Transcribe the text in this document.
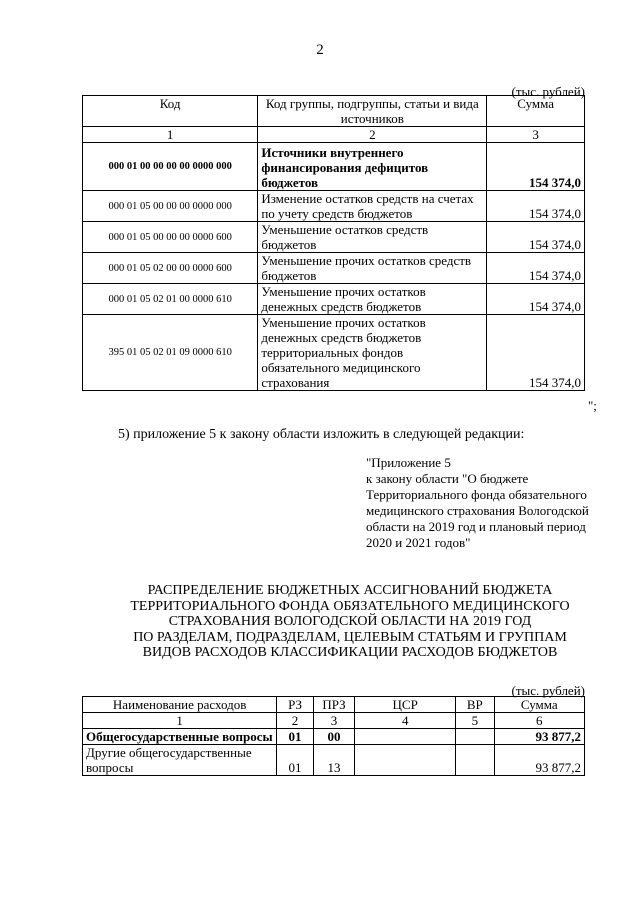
2
(тыс. рублей)
Код	Код группы, подгруппы, статьи и вида источников	Сумма
1	2	3
000 01 00 00 00 00 0000 000	Источники внутреннего финансирования дефицитов бюджетов	154 374,0
000 01 05 00 00 00 0000 000	Изменение остатков средств на счетах по учету средств бюджетов	154 374,0
000 01 05 00 00 00 0000 600	Уменьшение остатков средств бюджетов	154 374,0
000 01 05 02 00 00 0000 600	Уменьшение прочих остатков средств бюджетов	154 374,0
000 01 05 02 01 00 0000 610	Уменьшение прочих остатков денежных средств бюджетов	154 374,0
395 01 05 02 01 09 0000 610	Уменьшение прочих остатков денежных средств бюджетов территориальных фондов обязательного медицинского страхования	154 374,0
";
5) приложение 5 к закону области изложить в следующей редакции:
"Приложение 5
к закону области "О бюджете Территориального фонда обязательного медицинского страхования Вологодской области на 2019 год и плановый период 2020 и 2021 годов"
РАСПРЕДЕЛЕНИЕ БЮДЖЕТНЫХ АССИГНОВАНИЙ БЮДЖЕТА
ТЕРРИТОРИАЛЬНОГО ФОНДА ОБЯЗАТЕЛЬНОГО МЕДИЦИНСКОГО
СТРАХОВАНИЯ ВОЛОГОДСКОЙ ОБЛАСТИ НА 2019 ГОД
ПО РАЗДЕЛАМ, ПОДРАЗДЕЛАМ, ЦЕЛЕВЫМ СТАТЬЯМ И ГРУППАМ
ВИДОВ РАСХОДОВ КЛАССИФИКАЦИИ РАСХОДОВ БЮДЖЕТОВ
(тыс. рублей)
Наименование расходов	РЗ	ПРЗ	ЦСР	ВР	Сумма
1	2	3	4	5	6
Общегосударственные вопросы	01	00			93 877,2
Другие общегосударственные вопросы	01	13			93 877,2
